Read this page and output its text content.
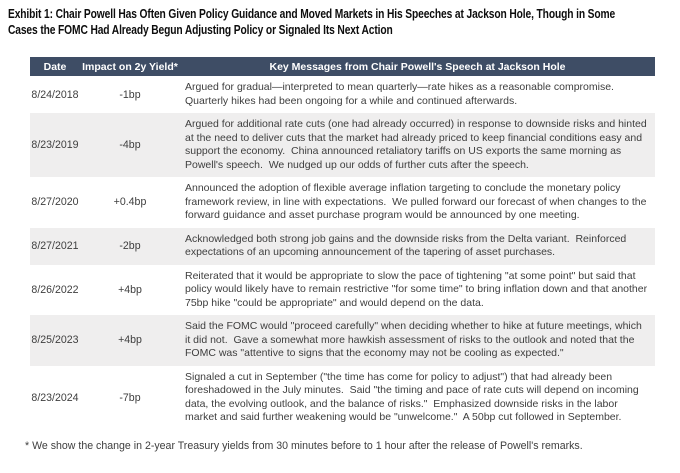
Exhibit 1: Chair Powell Has Often Given Policy Guidance and Moved Markets in His Speeches at Jackson Hole, Though in Some
Cases the FOMC Had Already Begun Adjusting Policy or Signaled Its Next Action
Date	Impact on 2y Yield*	Key Messages from Chair Powell's Speech at Jackson Hole
8/24/2018	-1bp	Argued for gradual—interpreted to mean quarterly—rate hikes as a reasonable compromise.  Quarterly hikes had been ongoing for a while and continued afterwards.
8/23/2019	-4bp	Argued for additional rate cuts (one had already occurred) in response to downside risks and hinted at the need to deliver cuts that the market had already priced to keep financial conditions easy and support the economy.  China announced retaliatory tariffs on US exports the same morning as Powell's speech.  We nudged up our odds of further cuts after the speech.
8/27/2020	+0.4bp	Announced the adoption of flexible average inflation targeting to conclude the monetary policy framework review, in line with expectations.  We pulled forward our forecast of when changes to the forward guidance and asset purchase program would be announced by one meeting.
8/27/2021	-2bp	Acknowledged both strong job gains and the downside risks from the Delta variant.  Reinforced expectations of an upcoming announcement of the tapering of asset purchases.
8/26/2022	+4bp	Reiterated that it would be appropriate to slow the pace of tightening "at some point" but said that policy would likely have to remain restrictive "for some time" to bring inflation down and that another 75bp hike "could be appropriate" and would depend on the data.
8/25/2023	+4bp	Said the FOMC would "proceed carefully" when deciding whether to hike at future meetings, which it did not.  Gave a somewhat more hawkish assessment of risks to the outlook and noted that the FOMC was "attentive to signs that the economy may not be cooling as expected."
8/23/2024	-7bp	Signaled a cut in September ("the time has come for policy to adjust") that had already been foreshadowed in the July minutes.  Said "the timing and pace of rate cuts will depend on incoming data, the evolving outlook, and the balance of risks."  Emphasized downside risks in the labor market and said further weakening would be "unwelcome."  A 50bp cut followed in September.
* We show the change in 2-year Treasury yields from 30 minutes before to 1 hour after the release of Powell's remarks.
